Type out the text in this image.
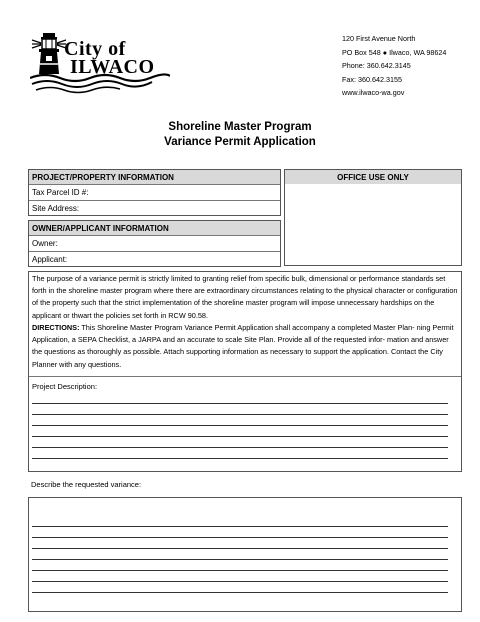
City of
ILWACO
120 First Avenue North
PO Box 548 ● Ilwaco, WA 98624
Phone: 360.642.3145
Fax: 360.642.3155
www.ilwaco-wa.gov
Shoreline Master Program
Variance Permit Application
PROJECT/PROPERTY INFORMATION
Tax Parcel ID #:
Site Address:
OFFICE USE ONLY
OWNER/APPLICANT INFORMATION
Owner:
Applicant:
The purpose of a variance permit is strictly limited to granting relief from specific bulk, dimensional or performance standards set forth in the shoreline master program where there are extraordinary circumstances relating to the physical character or configuration of the property such that the strict implementation of the shoreline master program will impose unnecessary hardships on the applicant or thwart the policies set forth in RCW 90.58.
DIRECTIONS: This Shoreline Master Program Variance Permit Application shall accompany a completed Master Plan- ning Permit Application, a SEPA Checklist, a JARPA and an accurate to scale Site Plan. Provide all of the requested infor- mation and answer the questions as thoroughly as possible. Attach supporting information as necessary to support the application. Contact the City Planner with any questions.
Project Description:
Describe the requested variance:
